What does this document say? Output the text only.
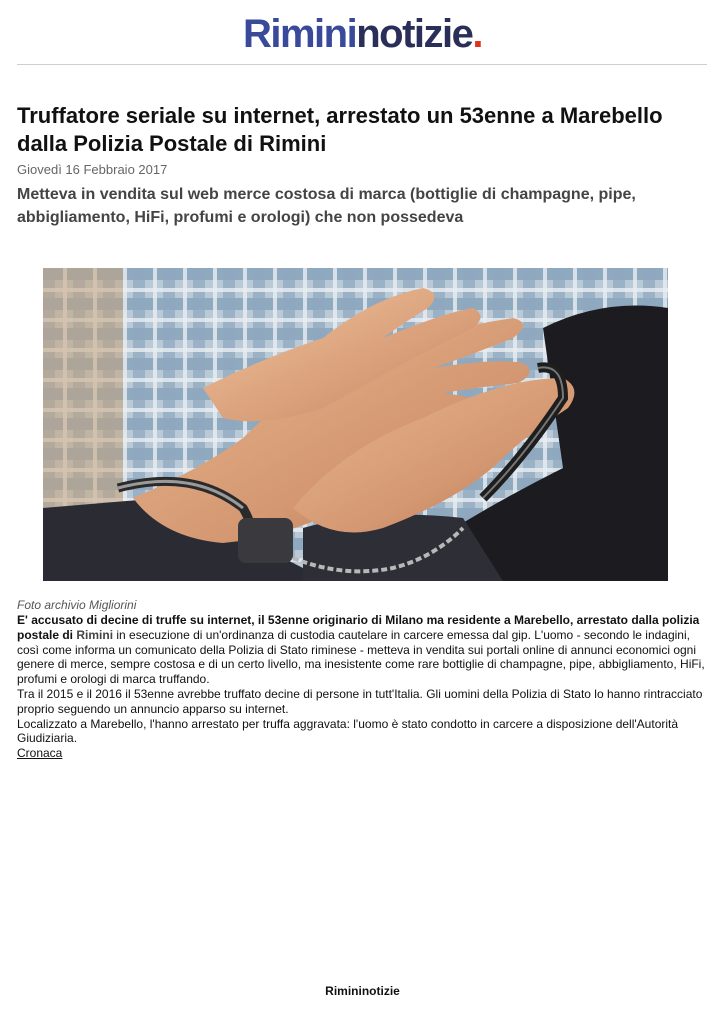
Rimininotizie.
Truffatore seriale su internet, arrestato un 53enne a Marebello dalla Polizia Postale di Rimini
Giovedì 16 Febbraio 2017
Metteva in vendita sul web merce costosa di marca (bottiglie di champagne, pipe, abbigliamento, HiFi, profumi e orologi) che non possedeva
Foto archivio Migliorini

E' accusato di decine di truffe su internet, il 53enne originario di Milano ma residente a Marebello, arrestato dalla polizia postale di Rimini in esecuzione di un'ordinanza di custodia cautelare in carcere emessa dal gip. L'uomo - secondo le indagini, così come informa un comunicato della Polizia di Stato riminese - metteva in vendita sui portali online di annunci economici ogni genere di merce, sempre costosa e di un certo livello, ma inesistente come rare bottiglie di champagne, pipe, abbigliamento, HiFi, profumi e orologi di marca truffando.

Tra il 2015 e il 2016 il 53enne avrebbe truffato decine di persone in tutt'Italia. Gli uomini della Polizia di Stato lo hanno rintracciato proprio seguendo un annuncio apparso su internet.

Localizzato a Marebello, l'hanno arrestato per truffa aggravata: l'uomo è stato condotto in carcere a disposizione dell'Autorità Giudiziaria.

Cronaca

Rimininotizie
